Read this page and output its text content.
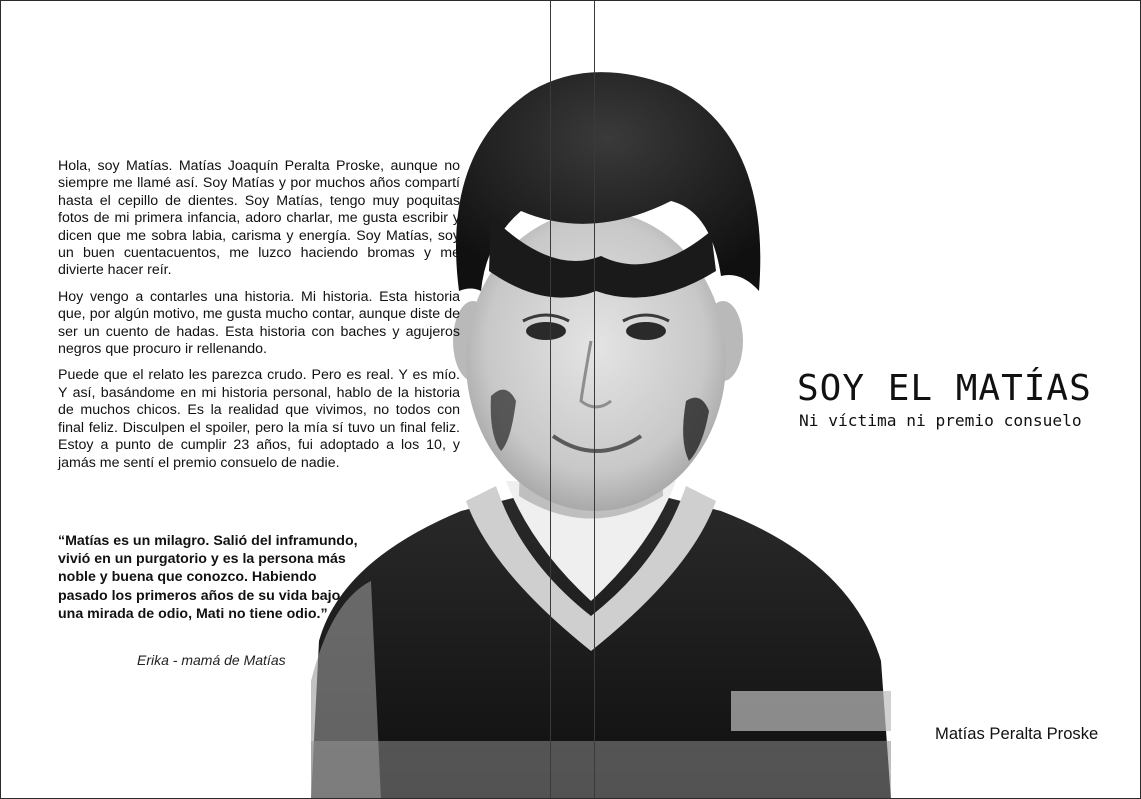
Hola, soy Matías. Matías Joaquín Peralta Proske, aunque no siempre me llamé así. Soy Matías y por muchos años compartí hasta el cepillo de dientes. Soy Matías, tengo muy poquitas fotos de mi primera infancia, adoro charlar, me gusta escribir y dicen que me sobra labia, carisma y energía. Soy Matías, soy un buen cuentacuentos, me luzco haciendo bromas y me divierte hacer reír.

Hoy vengo a contarles una historia. Mi historia. Esta historia que, por algún motivo, me gusta mucho contar, aunque diste de ser un cuento de hadas. Esta historia con baches y agujeros negros que procuro ir rellenando.

Puede que el relato les parezca crudo. Pero es real. Y es mío. Y así, basándome en mi historia personal, hablo de la historia de muchos chicos. Es la realidad que vivimos, no todos con final feliz. Disculpen el spoiler, pero la mía sí tuvo un final feliz. Estoy a punto de cumplir 23 años, fui adoptado a los 10, y jamás me sentí el premio consuelo de nadie.

“Matías es un milagro. Salió del inframundo, vivió en un purgatorio y es la persona más noble y buena que conozco. Habiendo pasado los primeros años de su vida bajo una mirada de odio, Mati no tiene odio.”
Erika - mamá de Matías
SOY EL MATÍAS
Ni víctima ni premio consuelo
Matías Peralta Proske
